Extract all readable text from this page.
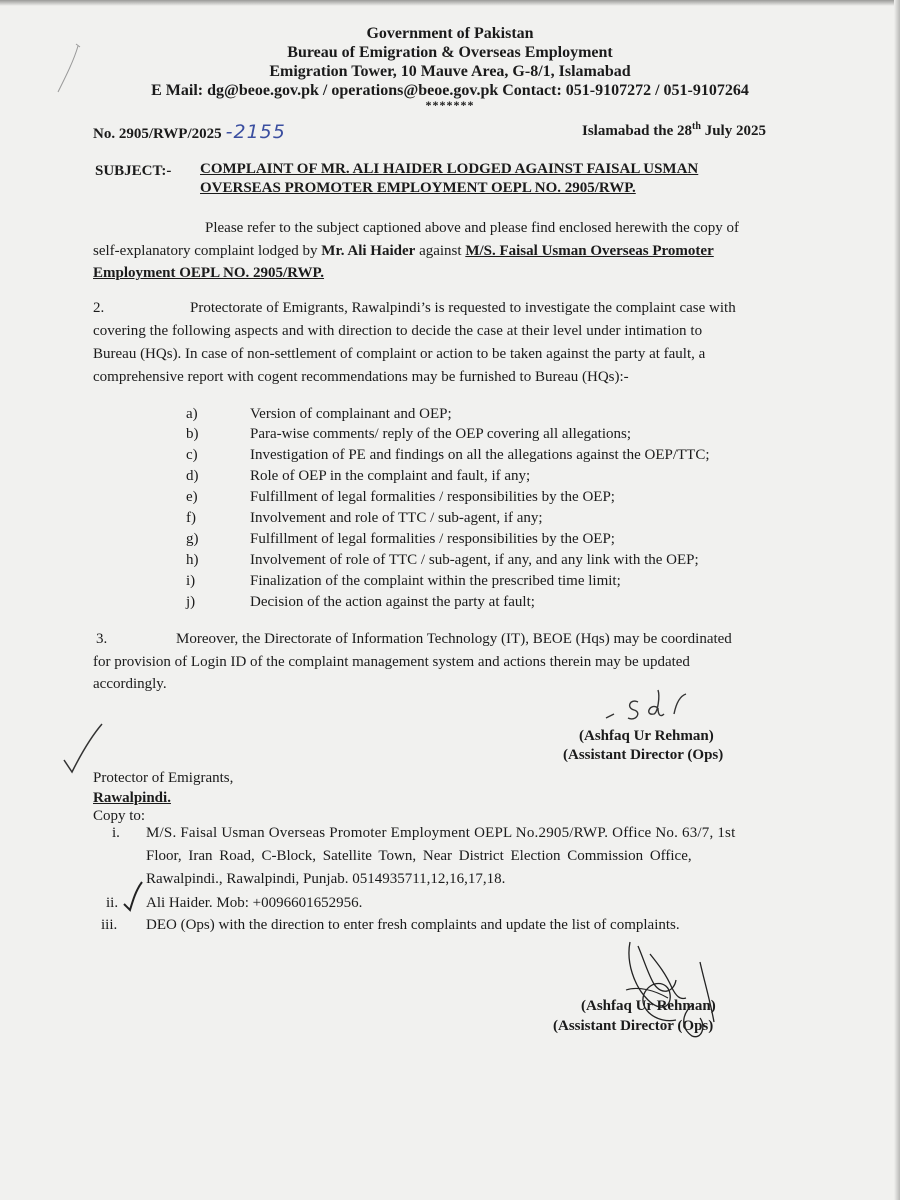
Government of Pakistan
Bureau of Emigration & Overseas Employment
Emigration Tower, 10 Mauve Area, G-8/1, Islamabad
E Mail: dg@beoe.gov.pk / operations@beoe.gov.pk Contact: 051-9107272 / 051-9107264
*******
No. 2905/RWP/2025 -2155	Islamabad the 28th July 2025
SUBJECT:- COMPLAINT OF MR. ALI HAIDER LODGED AGAINST FAISAL USMAN
OVERSEAS PROMOTER EMPLOYMENT OEPL NO. 2905/RWP.
Please refer to the subject captioned above and please find enclosed herewith the copy of
self-explanatory complaint lodged by Mr. Ali Haider against M/S. Faisal Usman Overseas Promoter
Employment OEPL NO. 2905/RWP.
2.	Protectorate of Emigrants, Rawalpindi’s is requested to investigate the complaint case with
covering the following aspects and with direction to decide the case at their level under intimation to
Bureau (HQs). In case of non-settlement of complaint or action to be taken against the party at fault, a
comprehensive report with cogent recommendations may be furnished to Bureau (HQs):-
a)	Version of complainant and OEP;
b)	Para-wise comments/ reply of the OEP covering all allegations;
c)	Investigation of PE and findings on all the allegations against the OEP/TTC;
d)	Role of OEP in the complaint and fault, if any;
e)	Fulfillment of legal formalities / responsibilities by the OEP;
f)	Involvement and role of TTC / sub-agent, if any;
g)	Fulfillment of legal formalities / responsibilities by the OEP;
h)	Involvement of role of TTC / sub-agent, if any, and any link with the OEP;
i)	Finalization of the complaint within the prescribed time limit;
j)	Decision of the action against the party at fault;
3.	Moreover, the Directorate of Information Technology (IT), BEOE (Hqs) may be coordinated
for provision of Login ID of the complaint management system and actions therein may be updated
accordingly.
(Ashfaq Ur Rehman)
(Assistant Director (Ops)
Protector of Emigrants,
Rawalpindi.
Copy to:
i. M/S. Faisal Usman Overseas Promoter Employment OEPL No.2905/RWP. Office No. 63/7, 1st
Floor, Iran Road, C-Block, Satellite Town, Near District Election Commission Office,
Rawalpindi., Rawalpindi, Punjab. 0514935711,12,16,17,18.
ii. Ali Haider. Mob: +0096601652956.
iii. DEO (Ops) with the direction to enter fresh complaints and update the list of complaints.
(Ashfaq Ur Rehman)
(Assistant Director (Ops)
